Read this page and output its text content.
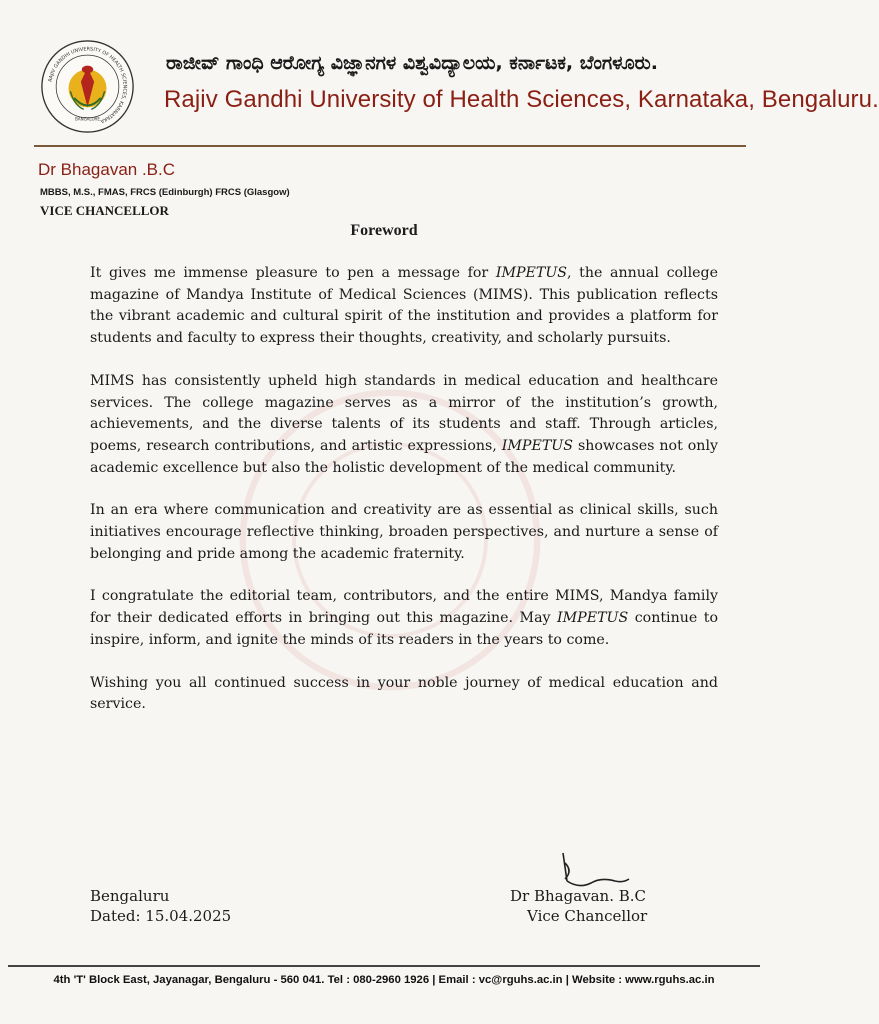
RAJIV GANDHI UNIVERSITY OF HEALTH SCIENCES, KARNATAKA
BANGALORE
ರಾಜೀವ್ ಗಾಂಧಿ ಆರೋಗ್ಯ ವಿಜ್ಞಾನಗಳ ವಿಶ್ವವಿದ್ಯಾಲಯ, ಕರ್ನಾಟಕ, ಬೆಂಗಳೂರು.
Rajiv Gandhi University of Health Sciences, Karnataka, Bengaluru.
Dr Bhagavan .B.C
MBBS, M.S., FMAS, FRCS (Edinburgh) FRCS (Glasgow)
VICE CHANCELLOR
Foreword

It gives me immense pleasure to pen a message for IMPETUS, the annual college magazine of Mandya Institute of Medical Sciences (MIMS). This publication reflects the vibrant academic and cultural spirit of the institution and provides a platform for students and faculty to express their thoughts, creativity, and scholarly pursuits.

MIMS has consistently upheld high standards in medical education and healthcare services. The college magazine serves as a mirror of the institution’s growth, achievements, and the diverse talents of its students and staff. Through articles, poems, research contributions, and artistic expressions, IMPETUS showcases not only academic excellence but also the holistic development of the medical community.

In an era where communication and creativity are as essential as clinical skills, such initiatives encourage reflective thinking, broaden perspectives, and nurture a sense of belonging and pride among the academic fraternity.

I congratulate the editorial team, contributors, and the entire MIMS, Mandya family for their dedicated efforts in bringing out this magazine. May IMPETUS continue to inspire, inform, and ignite the minds of its readers in the years to come.

Wishing you all continued success in your noble journey of medical education and service.

Bengaluru
Dated: 15.04.2025
Dr Bhagavan. B.C
Vice Chancellor
4th 'T' Block East, Jayanagar, Bengaluru - 560 041. Tel : 080-2960 1926 | Email : vc@rguhs.ac.in | Website : www.rguhs.ac.in
